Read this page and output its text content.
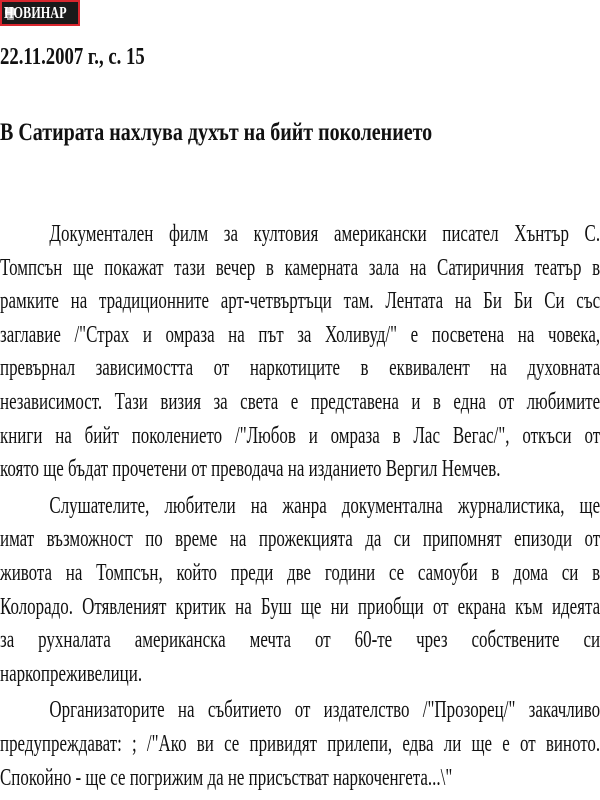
НОВИНАР
22.11.2007 г., с. 15
В Сатирата нахлува духът на бийт поколението
Документален филм за култовия американски писател Хънтър С.
Томпсън ще покажат тази вечер в камерната зала на Сатиричния театър в
рамките на традиционните арт-четвъртъци там. Лентата на Би Би Си със
заглавие /"Страх и омраза на път за Холивуд/" е посветена на човека,
превърнал зависимостта от наркотиците в еквивалент на духовната
независимост. Тази визия за света е представена и в една от любимите
книги на бийт поколението /"Любов и омраза в Лас Вегас/", откъси от
която ще бъдат прочетени от преводача на изданието Вергил Немчев.
Слушателите, любители на жанра документална журналистика, ще
имат възможност по време на прожекцията да си припомнят епизоди от
живота на Томпсън, който преди две години се самоуби в дома си в
Колорадо. Отявленият критик на Буш ще ни приобщи от екрана към идеята
за рухналата американска мечта от 60-те чрез собствените си
наркопреживелици.
Организаторите на събитието от издателство /"Прозорец/" закачливо
предупреждават: ; /"Ако ви се привидят прилепи, едва ли ще е от виното.
Спокойно - ще се погрижим да не присъстват наркоченгета...\"
